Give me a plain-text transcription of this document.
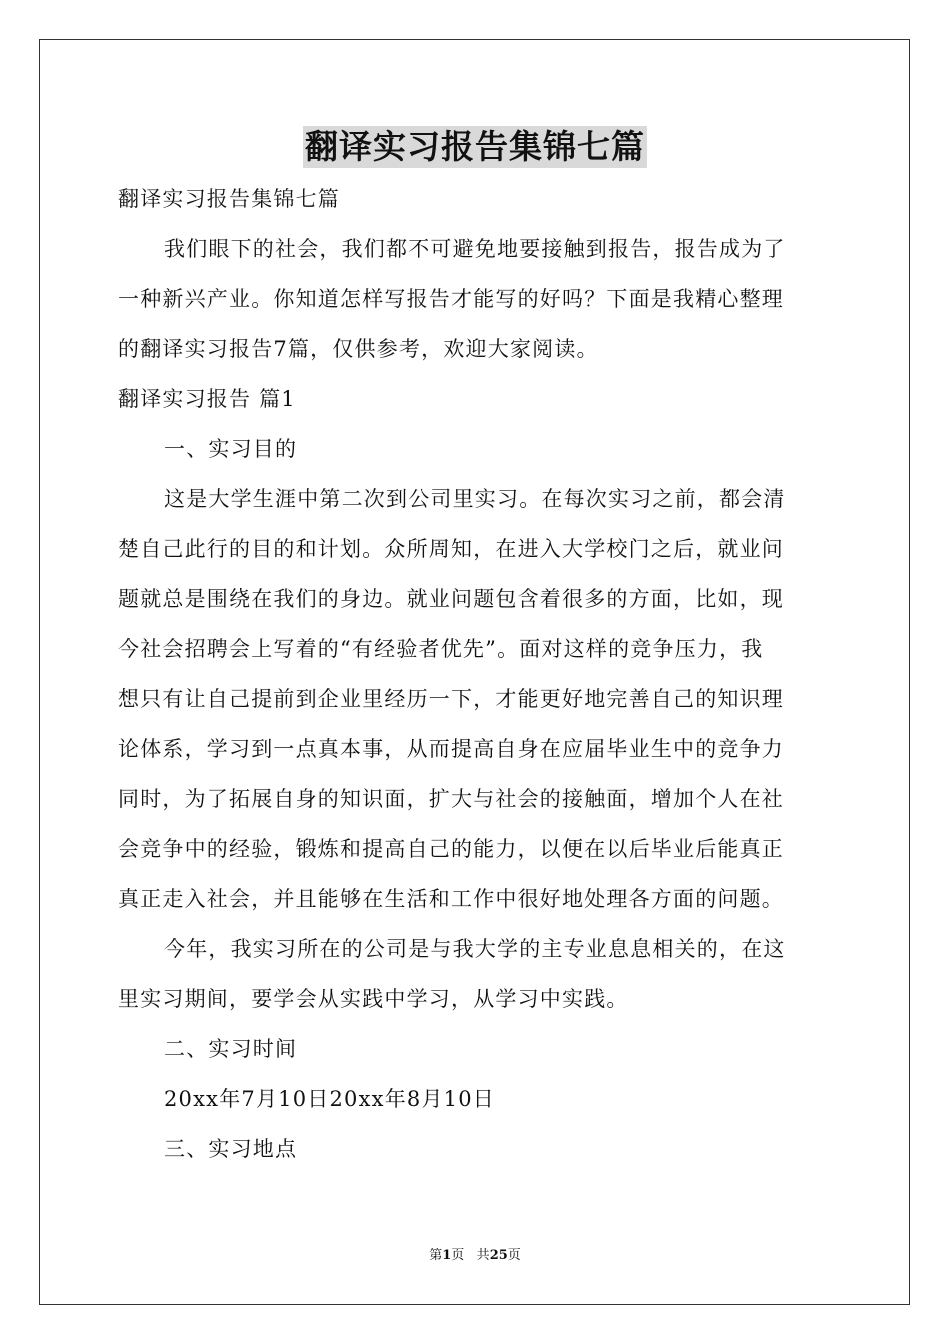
翻译实习报告集锦七篇
翻译实习报告集锦七篇
我们眼下的社会，我们都不可避免地要接触到报告，报告成为了
一种新兴产业。你知道怎样写报告才能写的好吗？下面是我精心整理
的翻译实习报告7篇，仅供参考，欢迎大家阅读。
翻译实习报告 篇1
一、实习目的
这是大学生涯中第二次到公司里实习。在每次实习之前，都会清
楚自己此行的目的和计划。众所周知，在进入大学校门之后，就业问
题就总是围绕在我们的身边。就业问题包含着很多的方面，比如，现
今社会招聘会上写着的“有经验者优先”。面对这样的竞争压力，我
想只有让自己提前到企业里经历一下，才能更好地完善自己的知识理
论体系，学习到一点真本事，从而提高自身在应届毕业生中的竞争力
同时，为了拓展自身的知识面，扩大与社会的接触面，增加个人在社
会竞争中的经验，锻炼和提高自己的能力，以便在以后毕业后能真正
真正走入社会，并且能够在生活和工作中很好地处理各方面的问题。
今年，我实习所在的公司是与我大学的主专业息息相关的，在这
里实习期间，要学会从实践中学习，从学习中实践。
二、实习时间
20xx年7月10日20xx年8月10日
三、实习地点
第1页 共25页
